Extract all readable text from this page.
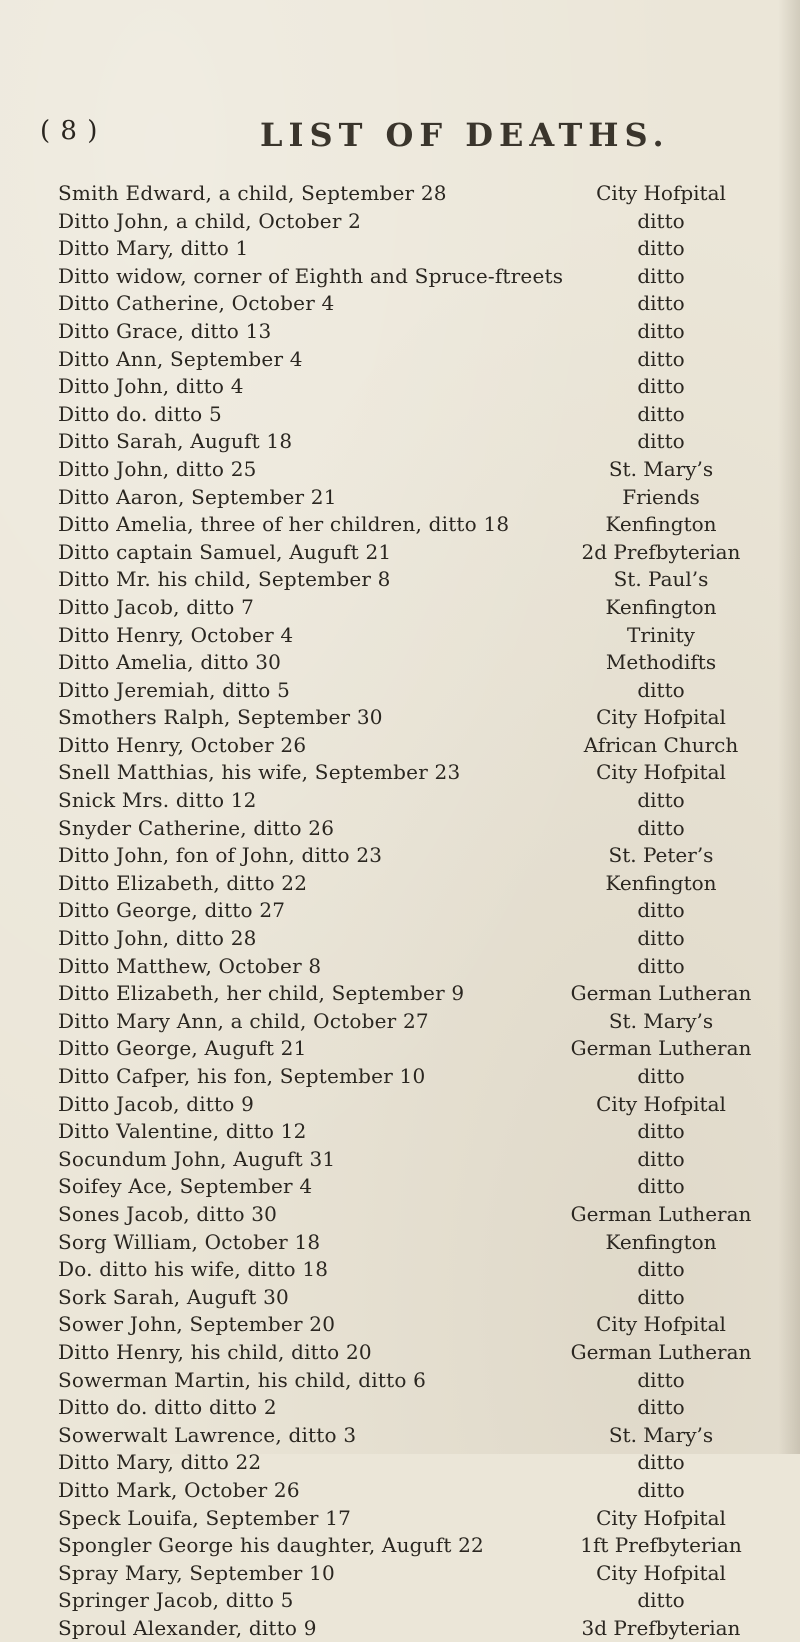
( 8 )	LIST OF DEATHS.
Smith Edward, a child, September 28	City Hofpital
Ditto John, a child, October 2	ditto
Ditto Mary, ditto 1	ditto
Ditto widow, corner of Eighth and Spruce-ftreets	ditto
Ditto Catherine, October 4	ditto
Ditto Grace, ditto 13	ditto
Ditto Ann, September 4	ditto
Ditto John, ditto 4	ditto
Ditto do. ditto 5	ditto
Ditto Sarah, Auguft 18	ditto
Ditto John, ditto 25	St. Mary’s
Ditto Aaron, September 21	Friends
Ditto Amelia, three of her children, ditto 18	Kenfington
Ditto captain Samuel, Auguft 21	2d Prefbyterian
Ditto Mr. his child, September 8	St. Paul’s
Ditto Jacob, ditto 7	Kenfington
Ditto Henry, October 4	Trinity
Ditto Amelia, ditto 30	Methodifts
Ditto Jeremiah, ditto 5	ditto
Smothers Ralph, September 30	City Hofpital
Ditto Henry, October 26	African Church
Snell Matthias, his wife, September 23	City Hofpital
Snick Mrs. ditto 12	ditto
Snyder Catherine, ditto 26	ditto
Ditto John, fon of John, ditto 23	St. Peter’s
Ditto Elizabeth, ditto 22	Kenfington
Ditto George, ditto 27	ditto
Ditto John, ditto 28	ditto
Ditto Matthew, October 8	ditto
Ditto Elizabeth, her child, September 9	German Lutheran
Ditto Mary Ann, a child, October 27	St. Mary’s
Ditto George, Auguft 21	German Lutheran
Ditto Cafper, his fon, September 10	ditto
Ditto Jacob, ditto 9	City Hofpital
Ditto Valentine, ditto 12	ditto
Socundum John, Auguft 31	ditto
Soifey Ace, September 4	ditto
Sones Jacob, ditto 30	German Lutheran
Sorg William, October 18	Kenfington
Do. ditto his wife, ditto 18	ditto
Sork Sarah, Auguft 30	ditto
Sower John, September 20	City Hofpital
Ditto Henry, his child, ditto 20	German Lutheran
Sowerman Martin, his child, ditto 6	ditto
Ditto do. ditto ditto 2	ditto
Sowerwalt Lawrence, ditto 3	St. Mary’s
Ditto Mary, ditto 22	ditto
Ditto Mark, October 26	ditto
Speck Louifa, September 17	City Hofpital
Spongler George his daughter, Auguft 22	1ft Prefbyterian
Spray Mary, September 10	City Hofpital
Springer Jacob, ditto 5	ditto
Sproul Alexander, ditto 9	3d Prefbyterian
